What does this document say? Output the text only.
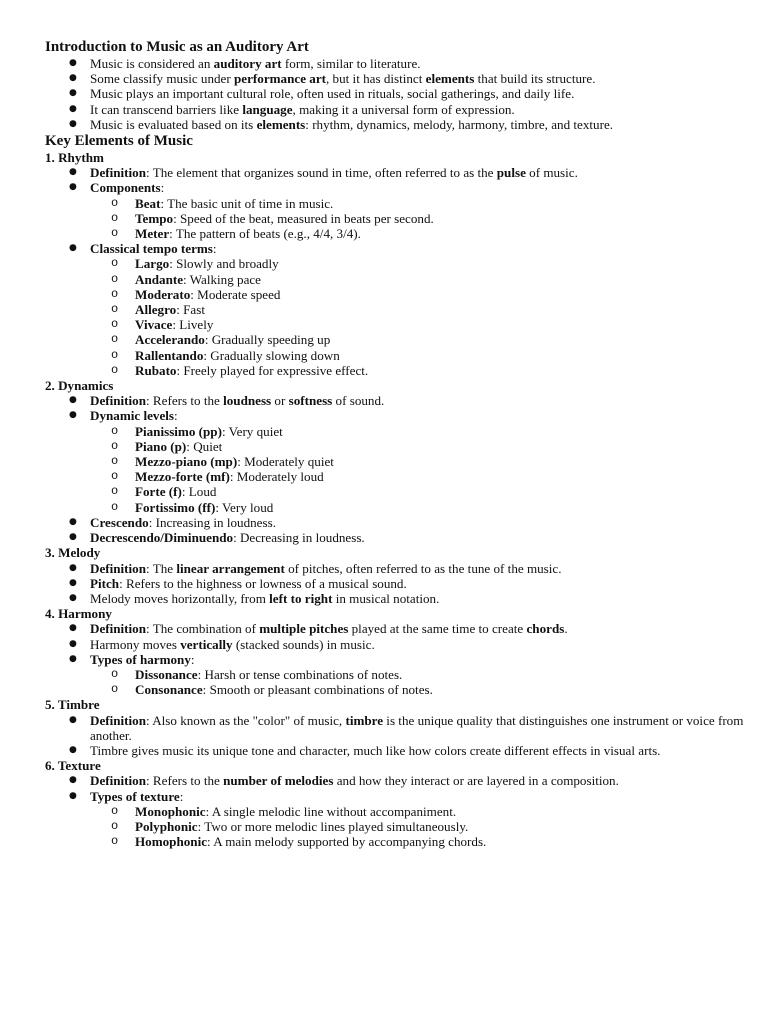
Introduction to Music as an Auditory Art
● Music is considered an auditory art form, similar to literature.
● Some classify music under performance art, but it has distinct elements that build its structure.
● Music plays an important cultural role, often used in rituals, social gatherings, and daily life.
● It can transcend barriers like language, making it a universal form of expression.
● Music is evaluated based on its elements: rhythm, dynamics, melody, harmony, timbre, and texture.
Key Elements of Music
1. Rhythm
● Definition: The element that organizes sound in time, often referred to as the pulse of music.
● Components:
o Beat: The basic unit of time in music.
o Tempo: Speed of the beat, measured in beats per second.
o Meter: The pattern of beats (e.g., 4/4, 3/4).
● Classical tempo terms:
o Largo: Slowly and broadly
o Andante: Walking pace
o Moderato: Moderate speed
o Allegro: Fast
o Vivace: Lively
o Accelerando: Gradually speeding up
o Rallentando: Gradually slowing down
o Rubato: Freely played for expressive effect.
2. Dynamics
● Definition: Refers to the loudness or softness of sound.
● Dynamic levels:
o Pianissimo (pp): Very quiet
o Piano (p): Quiet
o Mezzo-piano (mp): Moderately quiet
o Mezzo-forte (mf): Moderately loud
o Forte (f): Loud
o Fortissimo (ff): Very loud
● Crescendo: Increasing in loudness.
● Decrescendo/Diminuendo: Decreasing in loudness.
3. Melody
● Definition: The linear arrangement of pitches, often referred to as the tune of the music.
● Pitch: Refers to the highness or lowness of a musical sound.
● Melody moves horizontally, from left to right in musical notation.
4. Harmony
● Definition: The combination of multiple pitches played at the same time to create chords.
● Harmony moves vertically (stacked sounds) in music.
● Types of harmony:
o Dissonance: Harsh or tense combinations of notes.
o Consonance: Smooth or pleasant combinations of notes.
5. Timbre
● Definition: Also known as the "color" of music, timbre is the unique quality that distinguishes one instrument or voice from another.
● Timbre gives music its unique tone and character, much like how colors create different effects in visual arts.
6. Texture
● Definition: Refers to the number of melodies and how they interact or are layered in a composition.
● Types of texture:
o Monophonic: A single melodic line without accompaniment.
o Polyphonic: Two or more melodic lines played simultaneously.
o Homophonic: A main melody supported by accompanying chords.
